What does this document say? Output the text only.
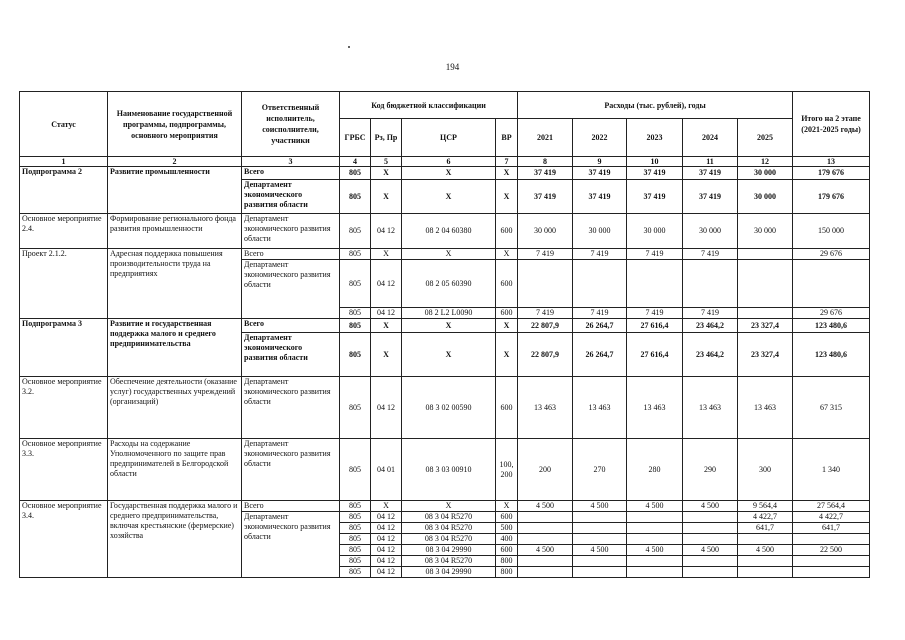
194
Статус	Наименование государственной программы, подпрограммы, основного мероприятия	Ответственный исполнитель, соисполнители, участники	Код бюджетной классификации				Расходы (тыс. рублей), годы					Итого на 2 этапе (2021-2025 годы)
			ГРБС	Рз, Пр	ЦСР	ВР	2021	2022	2023	2024	2025	
1	2	3	4	5	6	7	8	9	10	11	12	13
Подпрограмма 2	Развитие промышленности	Всего	805	X	X	X	37 419	37 419	37 419	37 419	30 000	179 676
		Департамент экономического развития области	805	X	X	X	37 419	37 419	37 419	37 419	30 000	179 676
Основное мероприятие 2.4.	Формирование регионального фонда развития промышленности	Департамент экономического развития области	805	04 12	08 2 04 60380	600	30 000	30 000	30 000	30 000	30 000	150 000
Проект 2.1.2.	Адресная поддержка повышения производительности труда на предприятиях	Всего	805	X	X	X	7 419	7 419	7 419	7 419		29 676
		Департамент экономического развития области	805	04 12	08 2 05 60390	600						
			805	04 12	08 2 L2 L0090	600	7 419	7 419	7 419	7 419		29 676
Подпрограмма 3	Развитие и государственная поддержка малого и среднего предпринимательства	Всего	805	X	X	X	22 807,9	26 264,7	27 616,4	23 464,2	23 327,4	123 480,6
		Департамент экономического развития области	805	X	X	X	22 807,9	26 264,7	27 616,4	23 464,2	23 327,4	123 480,6
Основное мероприятие 3.2.	Обеспечение деятельности (оказание услуг) государственных учреждений (организаций)	Департамент экономического развития области	805	04 12	08 3 02 00590	600	13 463	13 463	13 463	13 463	13 463	67 315
Основное мероприятие 3.3.	Расходы на содержание Уполномоченного по защите прав предпринимателей в Белгородской области	Департамент экономического развития области	805	04 01	08 3 03 00910	100, 200	200	270	280	290	300	1 340
Основное мероприятие 3.4.	Государственная поддержка малого и среднего предпринимательства, включая крестьянские (фермерские) хозяйства	Всего	805	X	X	X	4 500	4 500	4 500	4 500	9 564,4	27 564,4
		Департамент экономического развития области	805	04 12	08 3 04 R5270	600					4 422,7	4 422,7
			805	04 12	08 3 04 R5270	500					641,7	641,7
			805	04 12	08 3 04 R5270	400						
			805	04 12	08 3 04 29990	600	4 500	4 500	4 500	4 500	4 500	22 500
			805	04 12	08 3 04 R5270	800						
			805	04 12	08 3 04 29990	800						
